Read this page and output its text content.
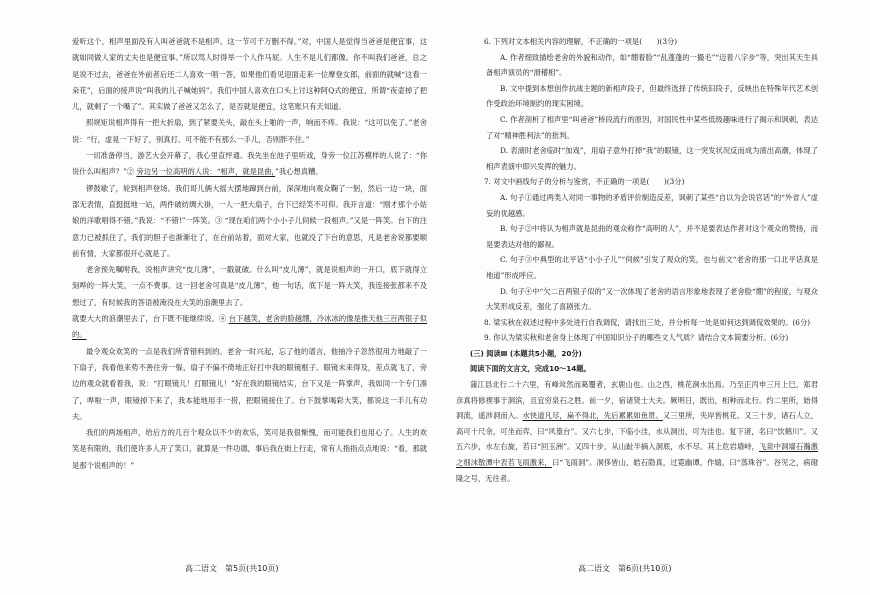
爱听这个，相声里面没有人叫爸爸就不是相声。这一节可千万删不得。”对，中国人是觉得当爸爸是便宜事，这就如同做人家的丈夫也是便宜事。”所以骂人时得举一个人作马屁。人生不是儿们都像。你不叫我们爸爸，总之是说不过去，爸爸在外前者后还二人喜欢一唱一答，如果他们看见迎面走来一位摩登女郎，前面的就喊“这看一朵花”，后面的接声说“叫我的儿子喊她妈”。我们中国人喜欢在口头上讨这种阿Q式的便宜，所谓“夜壶掉了把儿，就剩了一个嘴了”。其实做了爸爸又怎么了，是否就是便宜，这笔账只有天知道。

照规矩说相声得有一把大折扇，到了紧要关头，敲在头上啪的一声，响而不疼。我说：“这可以免了。”老舍说：“行，虚晃一下好了，别真打。可不能不有那么一手儿，否则胖不住。”

一切准备停当，游艺大会开幕了，我心里直怦通。我先坐在池子里听戏，身旁一位江苏模样的人说了：“你说什么叫相声？”② 旁边另一位高明的人说：“相声，就是昆曲，”我心想真糟。

锣鼓歇了，轮到相声登场。我们哥儿俩大摇大摆地蹿到台前，深深地向观众鞠了一躬，然后一边一块，面部无表情，直挺挺地一站，两件破纺绸大褂，一人一把大扇子，台下已经笑不可仰。我开言道：“刚才那个小姑娘的洋歌唱得不错。”我说：“不错!”一阵笑。③ “现在咱们两个小小子儿伺候一段相声。”又是一阵笑。台下的注意力已被抓住了，我们的胆子也渐渐壮了，在台前站着，面对大家，也就没了下台的意思，凡是老舍说都要顺前有情，大家都很开心就是了。

老舍预先嘱咐我，说相声讲究“皮儿薄”，一戳就破。什么叫“皮儿薄”，就是说相声的一开口，底下就得立刻哗的一阵大笑，一点不费事。这一回老舍可真是“皮儿薄”，他一句话，底下是一阵大笑，我连接张都来不及想过了，有时候我的答语被淹没在大笑的浪潮里去了。

就要大大的浪潮里去了，台下既不能继续说。④ 台下越笑，老舍的脸越绷，冷冰冰的像是推天他三百两银子似的。

最令观众欢笑的一点是我们所背错料到的。老舍一时兴起，忘了他的谱言，他抽冷子忽然很用力地敲了一下扇子，我看他来势不善往旁一躲，扇子不偏不倚地正好打中我的眼镜框子。眼镜未来得及，差点就飞了，旁边的观众就看着我，说：“打眼镜儿！打眼镜儿！”好在我的眼镜结实，台下又是一阵掌声，我如同一个专门凑了，哗啦一声，眼镜掉下来了，我本能地用手一捞，把眼镜接住了。台下鼓掌喝彩大笑，都说这一手儿有功夫。

我们的两场相声，给后方的几百个观众以不少的欢乐，笑可是我很惭愧，而可能我们也用心了。人生的欢笑是有限的，我们使许多人开了笑口，就算是一件功德，事后我在街上行走，常有人指指点点地说：“看，那就是那个说相声的！”

6. 下列对文本相关内容的理解，不正确的一项是(　　)(3分)

A. 作者细致描绘老舍的外貌和动作，如“绷着脸”“乱蓬蓬的一撮毛”“迈着八字步”等，突出其天生具备相声演员的“滑稽相”。

B. 文中提到本想创作抗战主题的新相声段子，但最终选择了传统旧段子，反映出在特殊年代艺术创作受政治环境制约的现实困境。

C. 作者剖析了相声里“叫爸爸”桥段流行的原因，对国民性中某些低级趣味进行了揭示和讽刺，表达了对“精神胜利法”的批判。

D. 表演时老舍临时“加戏”，用扇子意外打掉“我”的眼镜，这一突发状况反而成为演出高潮，体现了相声表演中即兴发挥的魅力。

7. 对文中画线句子的分析与鉴赏，不正确的一项是(　　)(3分)

A. 句子①通过两类人对同一事物的矛盾评价制造反差，讽刺了某些“自以为会说官话”的“外省人”虚妄的优越感。

B. 句子②中将认为相声就是昆曲的观众称作“高明的人”，并不是要表达作者对这个观众的赞扬，而是要表达对他的鄙视。

C. 句子③中典型的北平话“小小子儿”“伺候”引发了观众的笑，也与前文“老舍的那一口北平话真是地道”形成呼应。

D. 句子④中“欠二百两银子似的”又一次体现了老舍的语言形象地表现了老舍脸“绷”的程度，与观众大笑形成反差，强化了喜剧张力。

8. 梁实秋在叙述过程中多处进行自我调侃，请找出三处，并分析每一处是如何达到调侃效果的。(6分)

9. 你认为梁实秋和老舍身上体现了中国知识分子的哪些文人气质？请结合文本简要分析。(6分)

(三) 阅读Ⅲ (本题共5小题，20分)

阅读下面的文言文，完成10～14题。

蒲江县北行二十六里，有峰耸然而葛覆者，玄鹿山也。山之西，桃花涧水出焉。乃至正丙申三月上巳，郑君彦真将修禊事于洞滨，且宜穷泉石之胜。前一夕，宿诸贤士大夫。厥明日，既出，相种而北行。约二里所，始得洞流，遥涉洞而入。水快道凡尽，扁不得北，先后累累如鱼贯。又三里所，夹岸皆桃花。又三十步，诸石人立，高可十尺余，可坐而弈，曰“风篁台”。又六七步，下临小洼，水从洞出，可为洼也。复下渚，名曰“饮鹤川”。又五六步，水左右旋，若曰“回玉洲”。又四十步，从山趾半摘入洞底，水不尽。其上危岩墙峙，飞泉中洞墙石瀚激之细沫散潭中表若飞雨激来，曰“飞雨洞”。洞侈皆山，皓石隐真，过霓幽谭，作嬉，曰“蒸珠谷”。谷见之，病磴隆之号，无往者。

高二语文　第5页(共10页)	高二语文　第6页(共10页)
